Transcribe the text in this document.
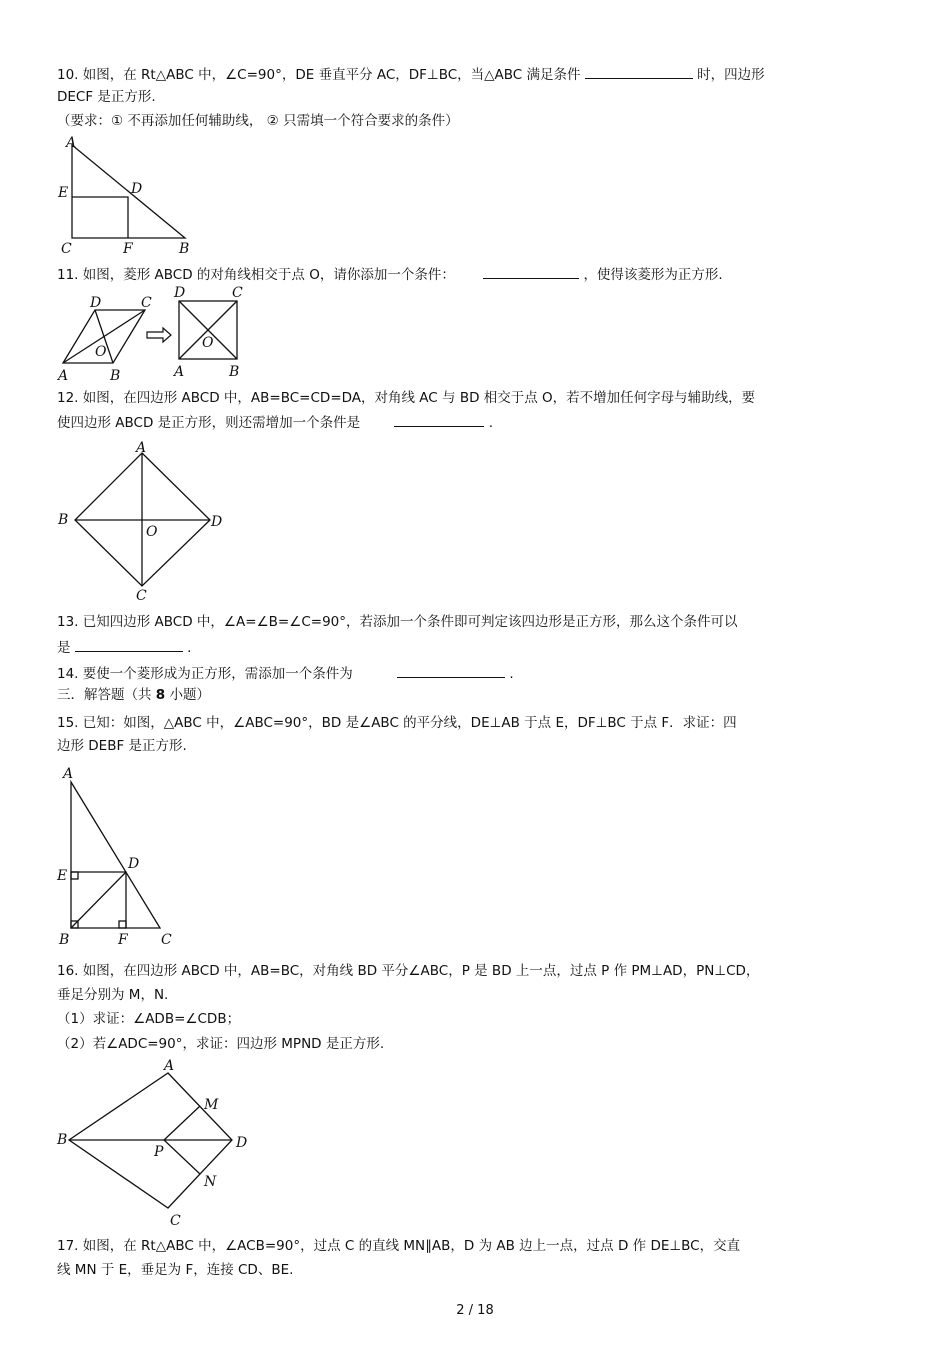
10. 如图，在 Rt△ABC 中，∠C=90°，DE 垂直平分 AC，DF⊥BC，当△ABC 满足条件	时，四边形
DECF 是正方形.
（要求：① 不再添加任何辅助线， ② 只需填一个符合要求的条件）
A
E	D
C	F	B
11. 如图，菱形 ABCD 的对角线相交于点 O，请你添加一个条件：	，使得该菱形为正方形.
D	C
O
A	B
D	C
O
A	B
12. 如图，在四边形 ABCD 中，AB=BC=CD=DA，对角线 AC 与 BD 相交于点 O，若不增加任何字母与辅助线，要
使四边形 ABCD 是正方形，则还需增加一个条件是	.
A
B	D
O
C
13. 已知四边形 ABCD 中，∠A=∠B=∠C=90°，若添加一个条件即可判定该四边形是正方形，那么这个条件可以
是	.
14. 要使一个菱形成为正方形，需添加一个条件为	.
三．解答题（共 8 小题）
15. 已知：如图，△ABC 中，∠ABC=90°，BD 是∠ABC 的平分线，DE⊥AB 于点 E，DF⊥BC 于点 F．求证：四
边形 DEBF 是正方形.
A
E
D
B	F C
16. 如图，在四边形 ABCD 中，AB=BC，对角线 BD 平分∠ABC，P 是 BD 上一点，过点 P 作 PM⊥AD，PN⊥CD，
垂足分别为 M，N.
（1）求证：∠ADB=∠CDB；
（2）若∠ADC=90°，求证：四边形 MPND 是正方形.
A
B	D
M
P
N
C
17. 如图，在 Rt△ABC 中，∠ACB=90°，过点 C 的直线 MN∥AB，D 为 AB 边上一点，过点 D 作 DE⊥BC，交直
线 MN 于 E，垂足为 F，连接 CD、BE.
2 / 18
